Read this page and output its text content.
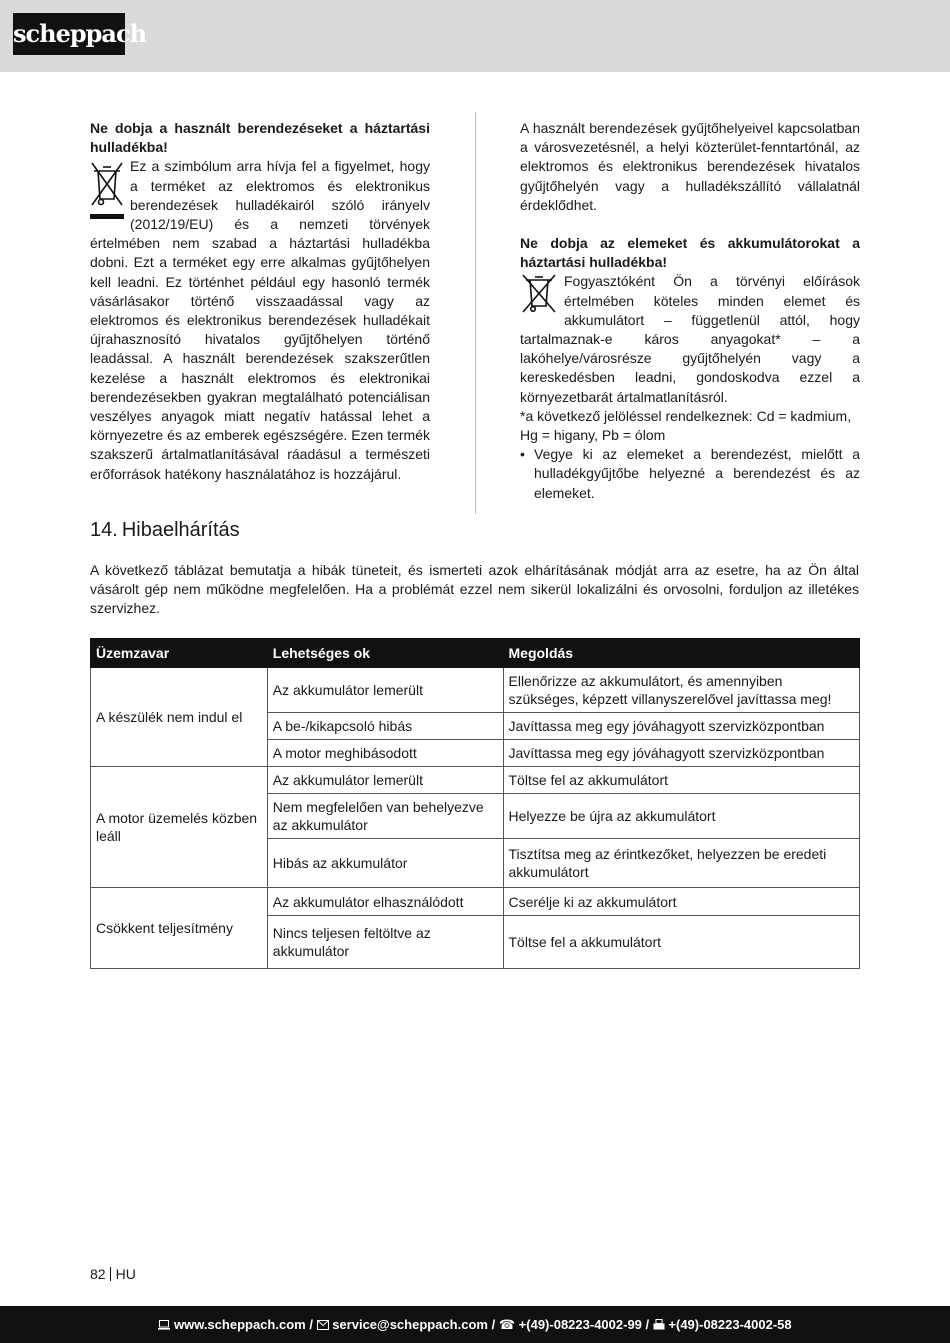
scheppach

Ne dobja a használt berendezéseket a háztartási hulladékba!

Ez a szimbólum arra hívja fel a figyelmet, hogy a terméket az elektromos és elektronikus berendezések hulladékairól szóló irányelv (2012/19/EU) és a nemzeti törvények értelmében nem szabad a háztartási hulladékba dobni. Ezt a terméket egy erre alkalmas gyűjtőhelyen kell leadni. Ez történhet például egy hasonló termék vásárlásakor történő visszaadással vagy az elektromos és elektronikus berendezések hulladékait újrahasznosító hivatalos gyűjtőhelyen történő leadással. A használt berendezések szakszerűtlen kezelése a használt elektromos és elektronikai berendezésekben gyakran megtalálható potenciálisan veszélyes anyagok miatt negatív hatással lehet a környezetre és az emberek egészségére. Ezen termék szakszerű ártalmatlanításával ráadásul a természeti erőforrások hatékony használatához is hozzájárul.

A használt berendezések gyűjtőhelyeivel kapcsolatban a városvezetésnél, a helyi közterület-fenntartónál, az elektromos és elektronikus berendezések hivatalos gyűjtőhelyén vagy a hulladékszállító vállalatnál érdeklődhet.

Ne dobja az elemeket és akkumulátorokat a háztartási hulladékba!

Fogyasztóként Ön a törvényi előírások értelmében köteles minden elemet és akkumulátort – függetlenül attól, hogy tartalmaznak-e káros anyagokat* – a lakóhelye/városrésze gyűjtőhelyén vagy a kereskedésben leadni, gondoskodva ezzel a környezetbarát ártalmatlanításról.

*a következő jelöléssel rendelkeznek: Cd = kadmium, Hg = higany, Pb = ólom

• Vegye ki az elemeket a berendezést, mielőtt a hulladékgyűjtőbe helyezné a berendezést és az elemeket.
14. Hibaelhárítás

A következő táblázat bemutatja a hibák tüneteit, és ismerteti azok elhárításának módját arra az esetre, ha az Ön által vásárolt gép nem működne megfelelően. Ha a problémát ezzel nem sikerül lokalizálni és orvosolni, forduljon az illetékes szervizhez.

Üzemzavar	Lehetséges ok	Megoldás
A készülék nem indul el	Az akkumulátor lemerült	Ellenőrizze az akkumulátort, és amennyiben szükséges, képzett villanyszerelővel javíttassa meg!
	A be-/kikapcsoló hibás	Javíttassa meg egy jóváhagyott szervizközpontban
	A motor meghibásodott	Javíttassa meg egy jóváhagyott szervizközpontban
A motor üzemelés közben leáll	Az akkumulátor lemerült	Töltse fel az akkumulátort
	Nem megfelelően van behelyezve az akkumulátor	Helyezze be újra az akkumulátort
	Hibás az akkumulátor	Tisztítsa meg az érintkezőket, helyezzen be eredeti akkumulátort
Csökkent teljesítmény	Az akkumulátor elhasználódott	Cserélje ki az akkumulátort
	Nincs teljesen feltöltve az akkumulátor	Töltse fel a akkumulátort
82 HU
www.scheppach.com / service@scheppach.com / ☎ +(49)-08223-4002-99 / +(49)-08223-4002-58
